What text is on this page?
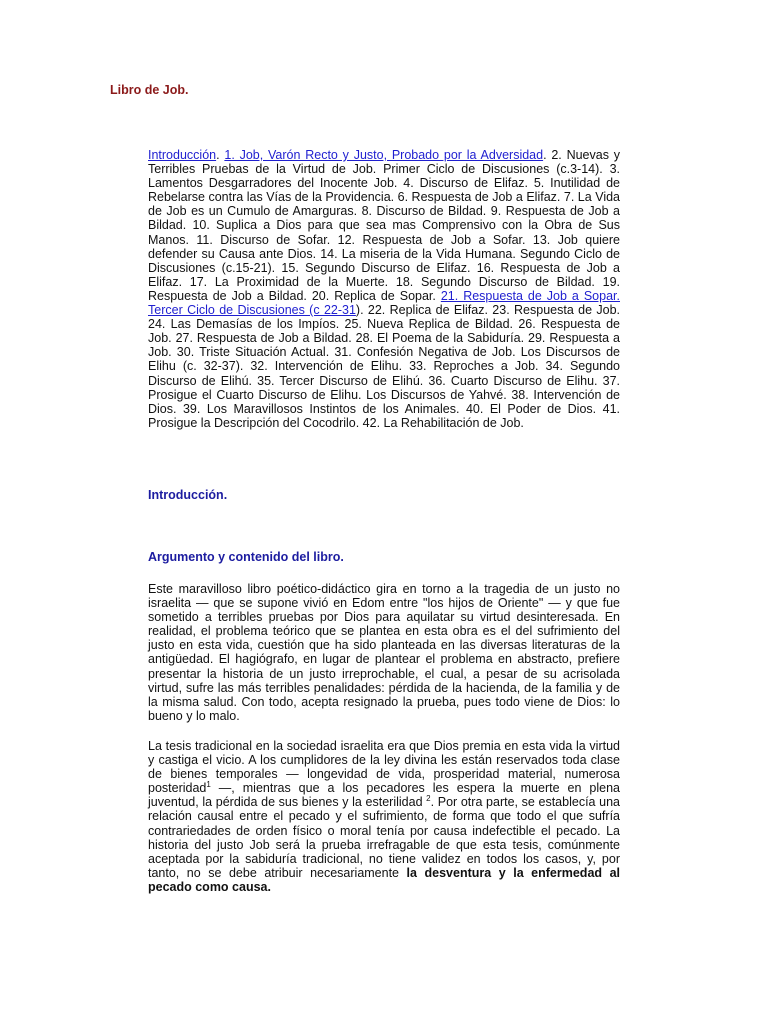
Libro de Job.
Introducción. 1. Job, Varón Recto y Justo, Probado por la Adversidad. 2. Nuevas y Terribles Pruebas de la Virtud de Job. Primer Ciclo de Discusiones (c.3-14). 3. Lamentos Desgarradores del Inocente Job. 4. Discurso de Elifaz. 5. Inutilidad de Rebelarse contra las Vías de la Providencia. 6. Respuesta de Job a Elifaz. 7. La Vida de Job es un Cumulo de Amarguras. 8. Discurso de Bildad. 9. Respuesta de Job a Bildad. 10. Suplica a Dios para que sea mas Comprensivo con la Obra de Sus Manos. 11. Discurso de Sofar. 12. Respuesta de Job a Sofar. 13. Job quiere defender su Causa ante Dios. 14. La miseria de la Vida Humana. Segundo Ciclo de Discusiones (c.15-21). 15. Segundo Discurso de Elifaz. 16. Respuesta de Job a Elifaz. 17. La Proximidad de la Muerte. 18. Segundo Discurso de Bildad. 19. Respuesta de Job a Bildad. 20. Replica de Sopar. 21. Respuesta de Job a Sopar. Tercer Ciclo de Discusiones (c 22-31). 22. Replica de Elifaz. 23. Respuesta de Job. 24. Las Demasías de los Impíos. 25. Nueva Replica de Bildad. 26. Respuesta de Job. 27. Respuesta de Job a Bildad. 28. El Poema de la Sabiduría. 29. Respuesta a Job. 30. Triste Situación Actual. 31. Confesión Negativa de Job. Los Discursos de Elihu (c. 32-37). 32. Intervención de Elihu. 33. Reproches a Job. 34. Segundo Discurso de Elihú. 35. Tercer Discurso de Elihú. 36. Cuarto Discurso de Elihu. 37. Prosigue el Cuarto Discurso de Elihu. Los Discursos de Yahvé. 38. Intervención de Dios. 39. Los Maravillosos Instintos de los Animales. 40. El Poder de Dios. 41. Prosigue la Descripción del Cocodrilo. 42. La Rehabilitación de Job.
Introducción.
Argumento y contenido del libro.
Este maravilloso libro poético-didáctico gira en torno a la tragedia de un justo no israelita — que se supone vivió en Edom entre "los hijos de Oriente" — y que fue sometido a terribles pruebas por Dios para aquilatar su virtud desinteresada. En realidad, el problema teórico que se plantea en esta obra es el del sufrimiento del justo en esta vida, cuestión que ha sido planteada en las diversas literaturas de la antigüedad. El hagiógrafo, en lugar de plantear el problema en abstracto, prefiere presentar la historia de un justo irreprochable, el cual, a pesar de su acrisolada virtud, sufre las más terribles penalidades: pérdida de la hacienda, de la familia y de la misma salud. Con todo, acepta resignado la prueba, pues todo viene de Dios: lo bueno y lo malo.
La tesis tradicional en la sociedad israelita era que Dios premia en esta vida la virtud y castiga el vicio. A los cumplidores de la ley divina les están reservados toda clase de bienes temporales — longevidad de vida, prosperidad material, numerosa posteridad$^1$ —, mientras que a los pecadores les espera la muerte en plena juventud, la pérdida de sus bienes y la esterilidad $^2$. Por otra parte, se establecía una relación causal entre el pecado y el sufrimiento, de forma que todo el que sufría contrariedades de orden físico o moral tenía por causa indefectible el pecado. La historia del justo Job será la prueba irrefragable de que esta tesis, comúnmente aceptada por la sabiduría tradicional, no tiene validez en todos los casos, y, por tanto, no se debe atribuir necesariamente la desventura y la enfermedad al pecado como causa.
